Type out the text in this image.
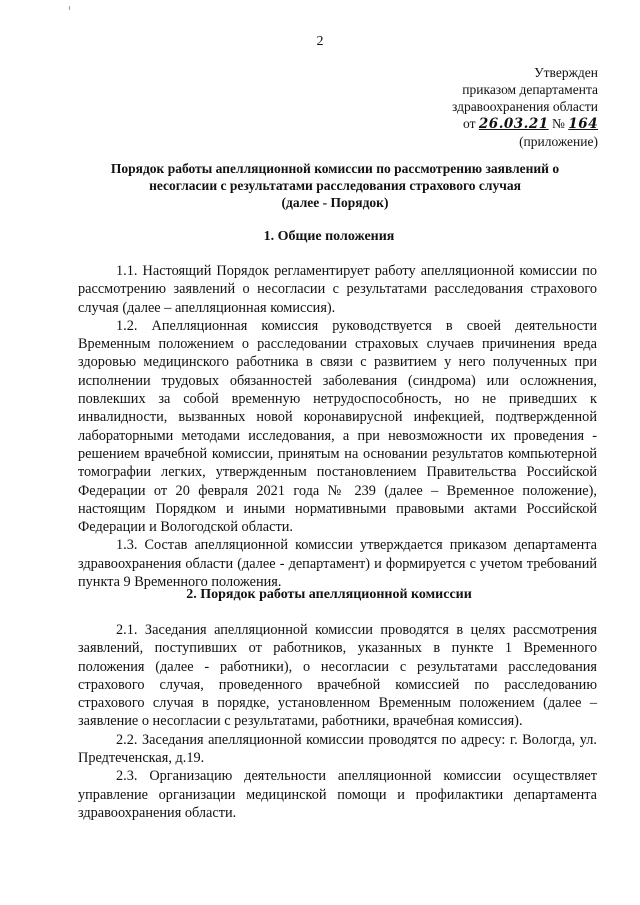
2
Утвержден
приказом департамента
здравоохранения области
от 26.03.21 № 164
(приложение)
Порядок работы апелляционной комиссии по рассмотрению заявлений о
несогласии с результатами расследования страхового случая
(далее - Порядок)
1. Общие положения

1.1. Настоящий Порядок регламентирует работу апелляционной комиссии по рассмотрению заявлений о несогласии с результатами расследования страхового случая (далее – апелляционная комиссия).

1.2. Апелляционная комиссия руководствуется в своей деятельности Временным положением о расследовании страховых случаев причинения вреда здоровью медицинского работника в связи с развитием у него полученных при исполнении трудовых обязанностей заболевания (синдрома) или осложнения, повлекших за собой временную нетрудоспособность, но не приведших к инвалидности, вызванных новой коронавирусной инфекцией, подтвержденной лабораторными методами исследования, а при невозможности их проведения - решением врачебной комиссии, принятым на основании результатов компьютерной томографии легких, утвержденным постановлением Правительства Российской Федерации от 20 февраля 2021 года № 239 (далее – Временное положение), настоящим Порядком и иными нормативными правовыми актами Российской Федерации и Вологодской области.

1.3. Состав апелляционной комиссии утверждается приказом департамента здравоохранения области (далее - департамент) и формируется с учетом требований пункта 9 Временного положения.

2. Порядок работы апелляционной комиссии

2.1. Заседания апелляционной комиссии проводятся в целях рассмотрения заявлений, поступивших от работников, указанных в пункте 1 Временного положения (далее - работники), о несогласии с результатами расследования страхового случая, проведенного врачебной комиссией по расследованию страхового случая в порядке, установленном Временным положением (далее – заявление о несогласии с результатами, работники, врачебная комиссия).

2.2. Заседания апелляционной комиссии проводятся по адресу: г. Вологда, ул. Предтеченская, д.19.

2.3. Организацию деятельности апелляционной комиссии осуществляет управление организации медицинской помощи и профилактики департамента здравоохранения области.
